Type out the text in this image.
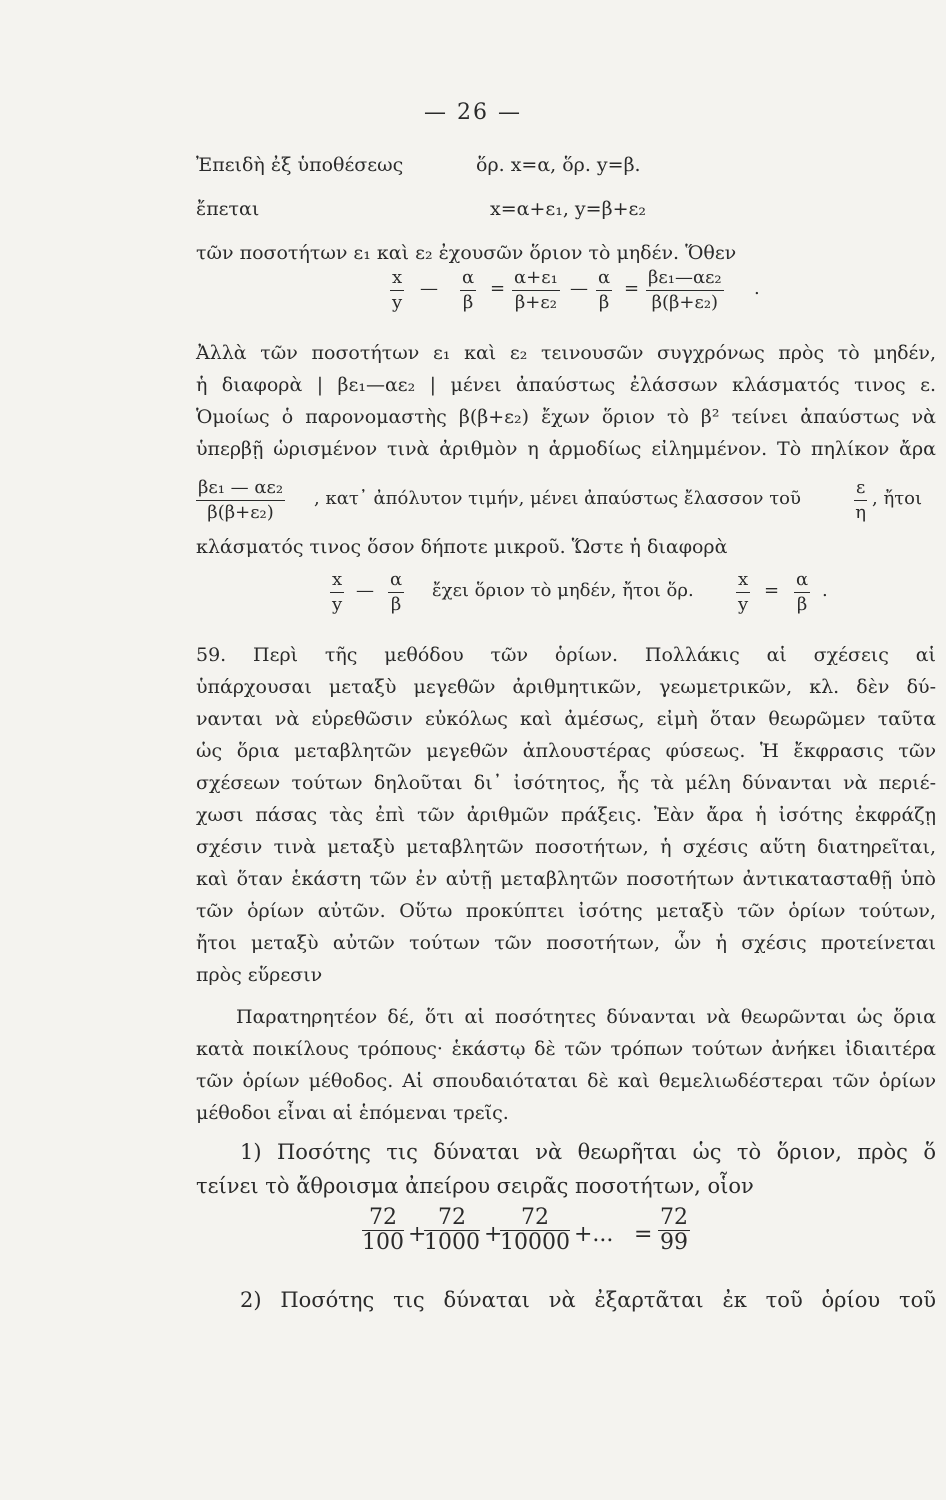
— 26 —
Ἐπειδὴ ἐξ ὑποθέσεως	ὅρ. x=α, ὅρ. y=β.
ἔπεται	x=α+ε₁, y=β+ε₂
τῶν ποσοτήτων ε₁ καὶ ε₂ ἐχουσῶν ὅριον τὸ μηδέν. Ὅθεν
$\frac{x}{y}$ — $\frac{\alpha}{\beta} = \frac{\text{α+ε₁}}{\text{β+ε₂}}$ — $\frac{\alpha}{\beta} = \frac{\text{βε₁—αε₂}}{\text{β(β+ε₂)}}$ .
Ἀλλὰ τῶν ποσοτήτων ε₁ καὶ ε₂ τεινουσῶν συγχρόνως πρὸς τὸ μηδέν,
ἡ διαφορὰ | βε₁—αε₂ | μένει ἀπαύστως ἐλάσσων κλάσματός τινος ε.
Ὁμοίως ὁ παρονομαστὴς β(β+ε₂) ἔχων ὅριον τὸ β² τείνει ἀπαύστως νὰ
ὑπερβῇ ὡρισμένον τινὰ ἀριθμὸν η ἁρμοδίως εἰλημμένον. Τὸ πηλίκον ἄρα
$\frac{\text{βε₁ — αε₂}}{\text{β(β+ε₂)}}$ , κατ᾿ ἀπόλυτον τιμήν, μένει ἀπαύστως ἔλασσον τοῦ	$\frac{\varepsilon}{\eta}$ , ἤτοι
κλάσματός τινος ὅσον δήποτε μικροῦ. Ὥστε ἡ διαφορὰ
$\frac{x}{y}$ — $\frac{\alpha}{\beta}$ ἔχει ὅριον τὸ μηδέν, ἤτοι ὅρ. $\frac{x}{y} = \frac{\alpha}{\beta}$ .
59. Περὶ τῆς μεθόδου τῶν ὁρίων. Πολλάκις αἱ σχέσεις αἱ
ὑπάρχουσαι μεταξὺ μεγεθῶν ἀριθμητικῶν, γεωμετρικῶν, κλ. δὲν δύ-
νανται νὰ εὑρεθῶσιν εὐκόλως καὶ ἀμέσως, εἰμὴ ὅταν θεωρῶμεν ταῦτα
ὡς ὅρια μεταβλητῶν μεγεθῶν ἁπλουστέρας φύσεως. Ἡ ἔκφρασις τῶν
σχέσεων τούτων δηλοῦται δι᾿ ἰσότητος, ἧς τὰ μέλη δύνανται νὰ περιέ-
χωσι πάσας τὰς ἐπὶ τῶν ἀριθμῶν πράξεις. Ἐὰν ἄρα ἡ ἰσότης ἐκφράζῃ
σχέσιν τινὰ μεταξὺ μεταβλητῶν ποσοτήτων, ἡ σχέσις αὕτη διατηρεῖται,
καὶ ὅταν ἑκάστη τῶν ἐν αὐτῇ μεταβλητῶν ποσοτήτων ἀντικατασταθῇ ὑπὸ
τῶν ὁρίων αὐτῶν. Οὕτω προκύπτει ἰσότης μεταξὺ τῶν ὁρίων τούτων,
ἤτοι μεταξὺ αὐτῶν τούτων τῶν ποσοτήτων, ὧν ἡ σχέσις προτείνεται
πρὸς εὕρεσιν
Παρατηρητέον δέ, ὅτι αἱ ποσότητες δύνανται νὰ θεωρῶνται ὡς ὅρια
κατὰ ποικίλους τρόπους· ἑκάστῳ δὲ τῶν τρόπων τούτων ἀνήκει ἰδιαιτέρα
τῶν ὁρίων μέθοδος. Αἱ σπουδαιόταται δὲ καὶ θεμελιωδέστεραι τῶν ὁρίων
μέθοδοι εἶναι αἱ ἑπόμεναι τρεῖς.
1) Ποσότης τις δύναται νὰ θεωρῆται ὡς τὸ ὅριον, πρὸς ὅ
τείνει τὸ ἄθροισμα ἀπείρου σειρᾶς ποσοτήτων, οἷον
$\frac{72}{100}$ +
$\frac{72}{1000}$ +
$\frac{72}{10000}$ +... = $\frac{72}{99}$
2) Ποσότης τις δύναται νὰ ἐξαρτᾶται ἐκ τοῦ ὁρίου τοῦ
